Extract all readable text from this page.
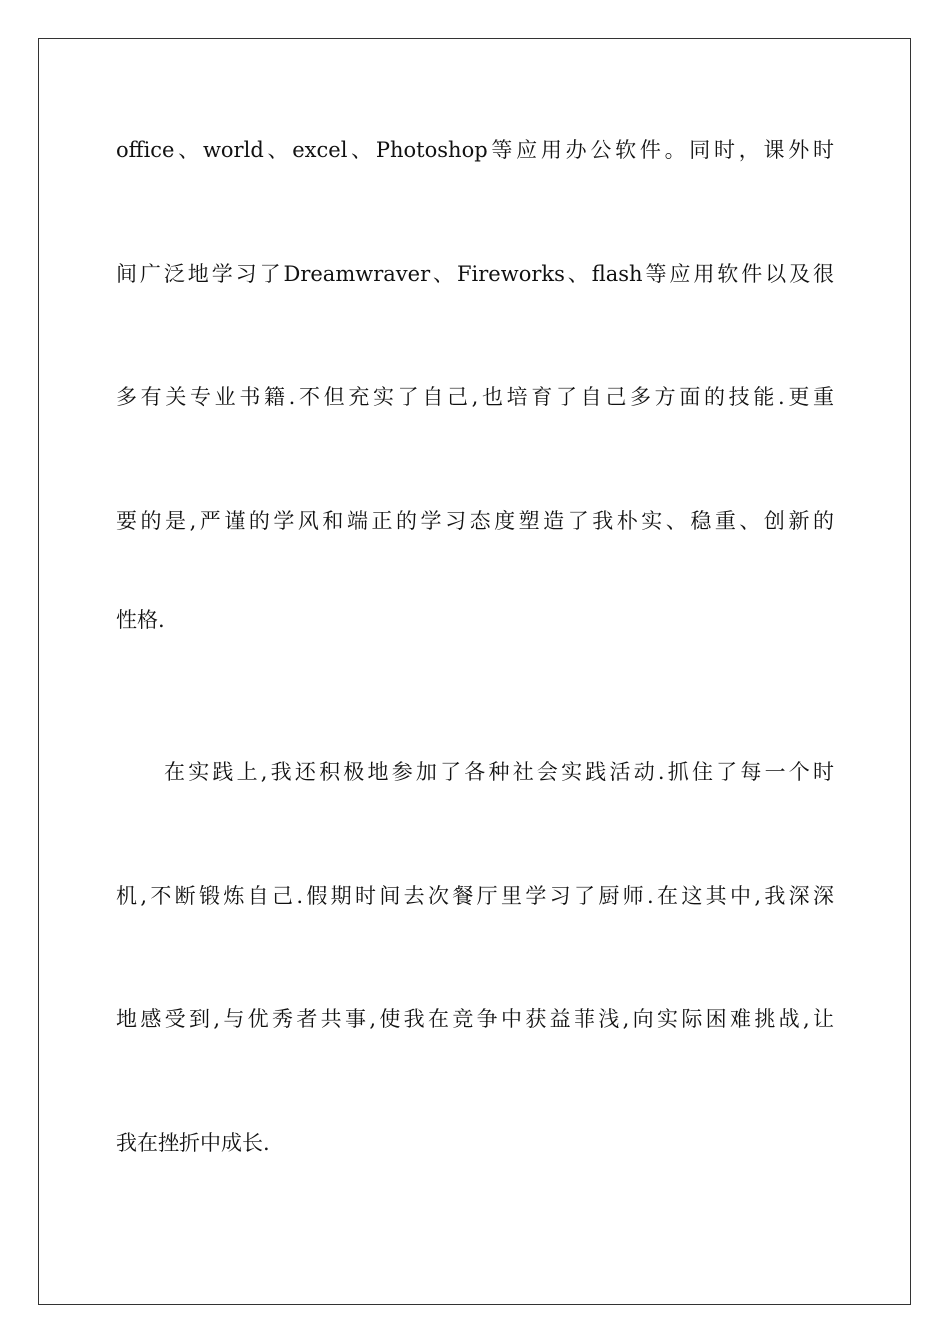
office、world、excel、Photoshop等应用办公软件。同时，课外时
间广泛地学习了Dreamwraver、Fireworks、flash等应用软件以及很
多有关专业书籍.不但充实了自己,也培育了自己多方面的技能.更重
要的是,严谨的学风和端正的学习态度塑造了我朴实、稳重、创新的
性格.
在实践上,我还积极地参加了各种社会实践活动.抓住了每一个时
机,不断锻炼自己.假期时间去次餐厅里学习了厨师.在这其中,我深深
地感受到,与优秀者共事,使我在竞争中获益菲浅,向实际困难挑战,让
我在挫折中成长.
